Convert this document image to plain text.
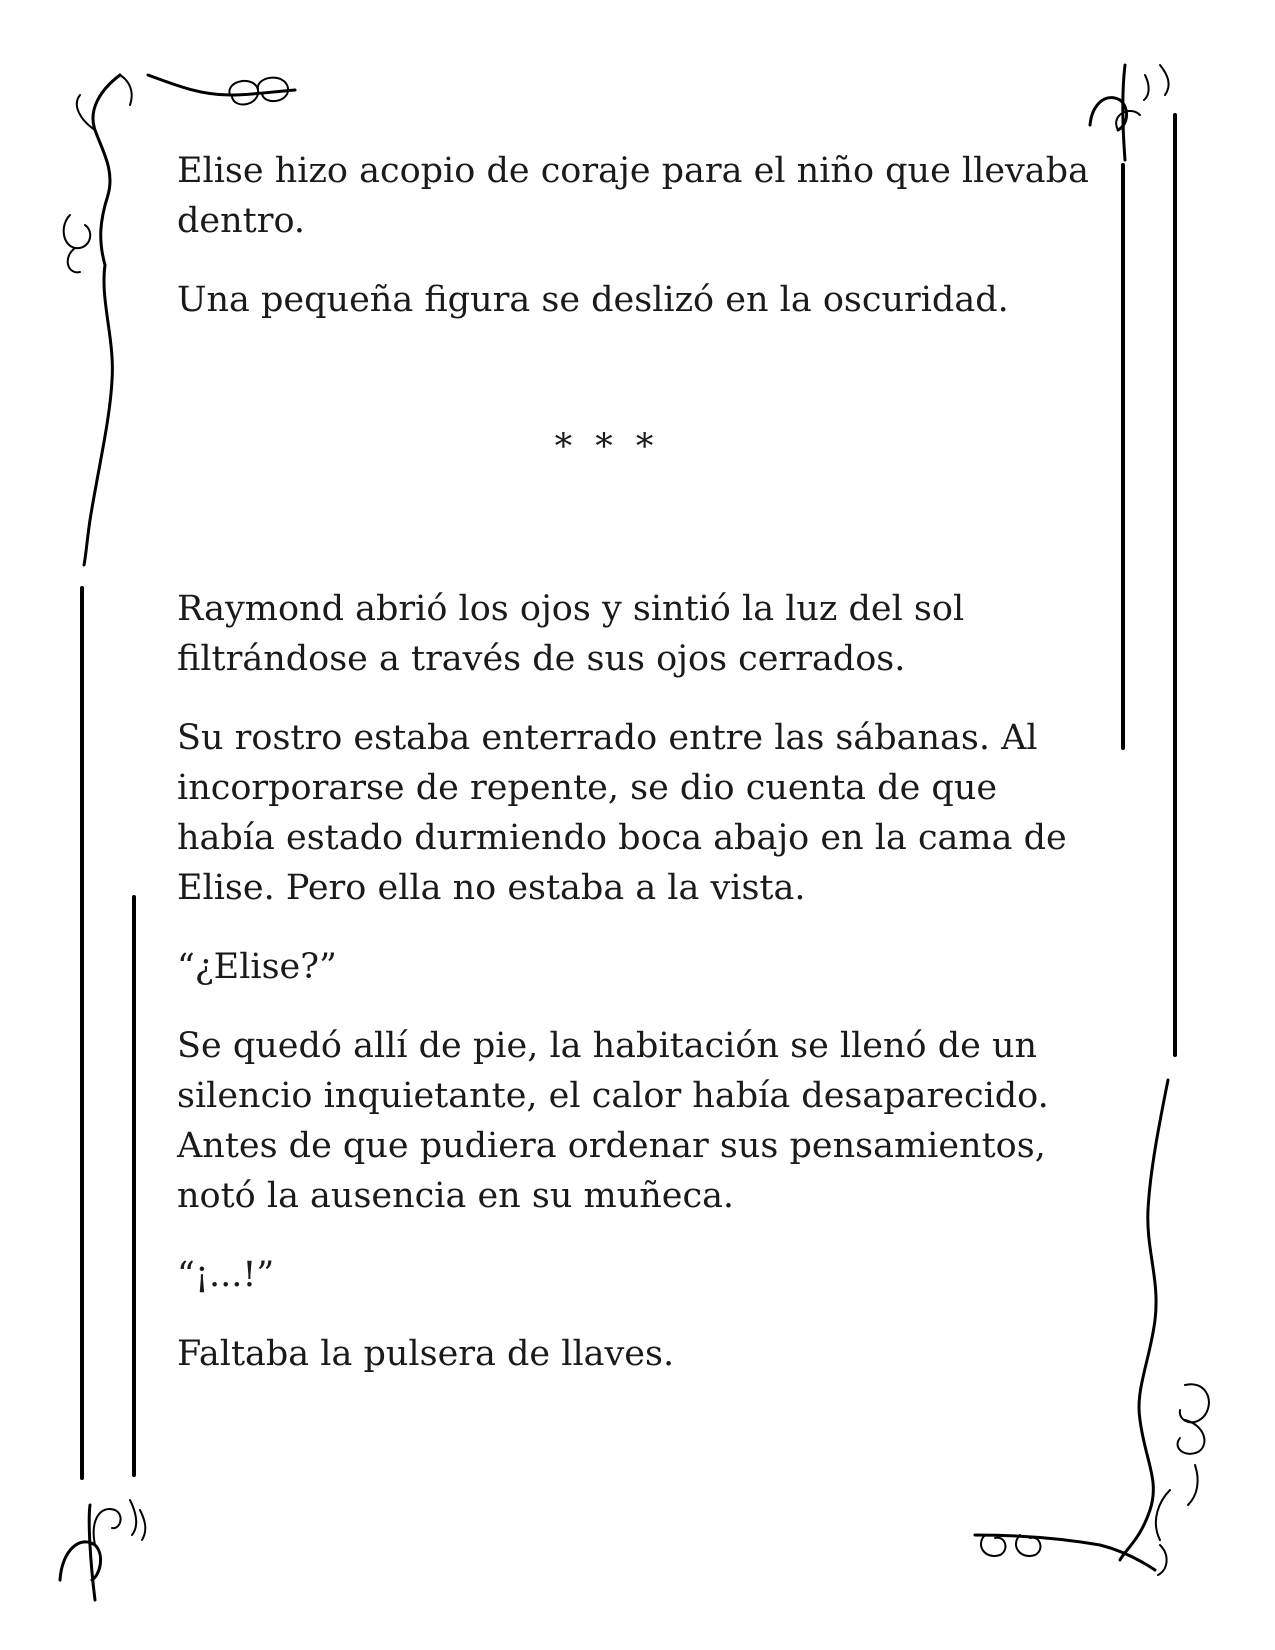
Elise hizo acopio de coraje para el niño que llevaba dentro.

Una pequeña figura se deslizó en la oscuridad.

* * *

Raymond abrió los ojos y sintió la luz del sol filtrándose a través de sus ojos cerrados.

Su rostro estaba enterrado entre las sábanas. Al incorporarse de repente, se dio cuenta de que había estado durmiendo boca abajo en la cama de Elise. Pero ella no estaba a la vista.

“¿Elise?”

Se quedó allí de pie, la habitación se llenó de un silencio inquietante, el calor había desaparecido. Antes de que pudiera ordenar sus pensamientos, notó la ausencia en su muñeca.

“¡...!”

Faltaba la pulsera de llaves.
